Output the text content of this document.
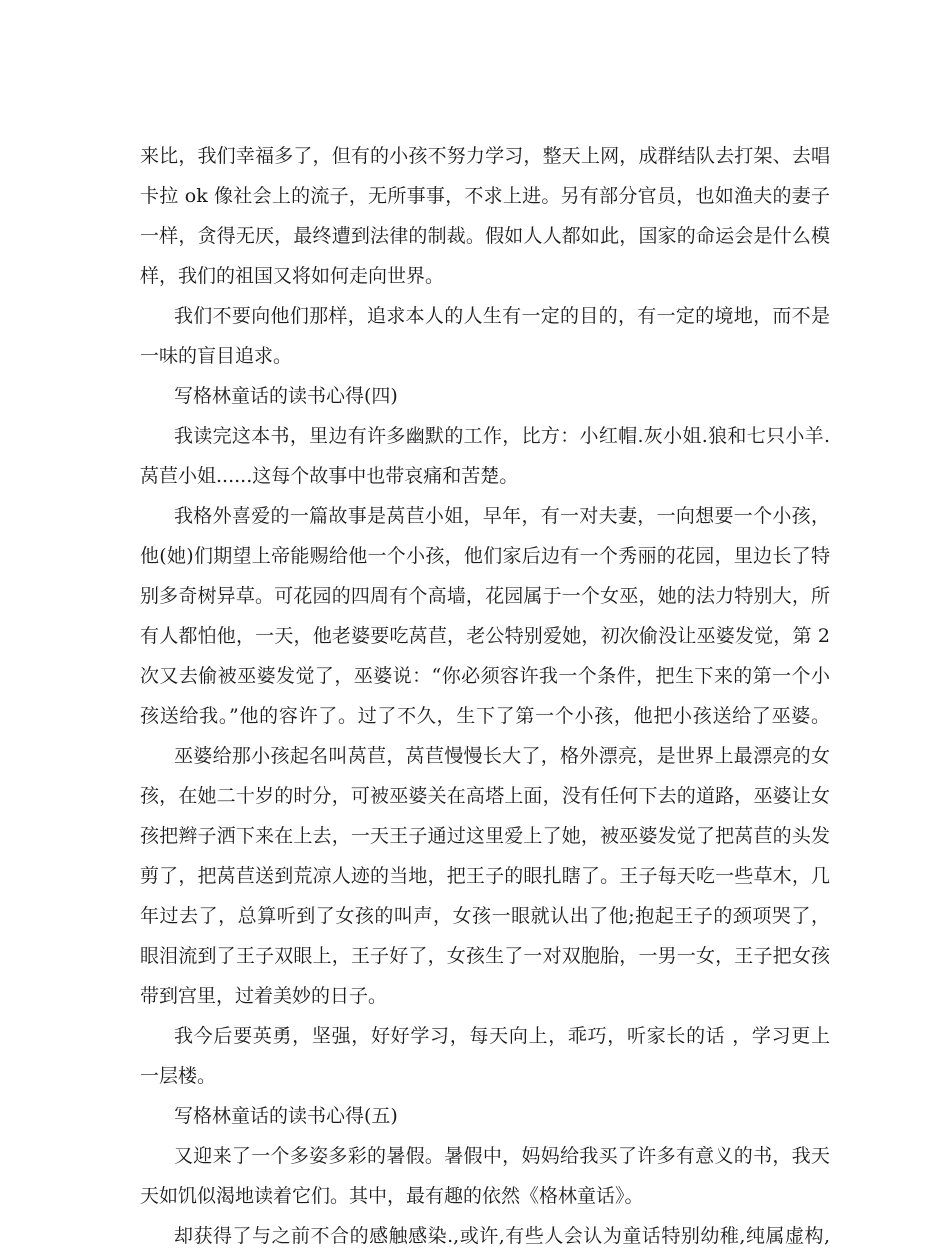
来比，我们幸福多了，但有的小孩不努力学习，整天上网，成群结队去打架、去唱
卡拉 ok 像社会上的流子，无所事事，不求上进。另有部分官员，也如渔夫的妻子
一样，贪得无厌，最终遭到法律的制裁。假如人人都如此，国家的命运会是什么模
样，我们的祖国又将如何走向世界。
我们不要向他们那样，追求本人的人生有一定的目的，有一定的境地，而不是
一味的盲目追求。
写格林童话的读书心得(四)
我读完这本书，里边有许多幽默的工作，比方：小红帽.灰小姐.狼和七只小羊.
莴苣小姐......这每个故事中也带哀痛和苦楚。
我格外喜爱的一篇故事是莴苣小姐，早年，有一对夫妻，一向想要一个小孩，
他(她)们期望上帝能赐给他一个小孩，他们家后边有一个秀丽的花园，里边长了特
别多奇树异草。可花园的四周有个高墙，花园属于一个女巫，她的法力特别大，所
有人都怕他，一天，他老婆要吃莴苣，老公特别爱她，初次偷没让巫婆发觉，第 2
次又去偷被巫婆发觉了，巫婆说：“你必须容许我一个条件，把生下来的第一个小
孩送给我。”他的容许了。过了不久，生下了第一个小孩，他把小孩送给了巫婆。
巫婆给那小孩起名叫莴苣，莴苣慢慢长大了，格外漂亮，是世界上最漂亮的女
孩，在她二十岁的时分，可被巫婆关在高塔上面，没有任何下去的道路，巫婆让女
孩把辫子洒下来在上去，一天王子通过这里爱上了她，被巫婆发觉了把莴苣的头发
剪了，把莴苣送到荒凉人迹的当地，把王子的眼扎瞎了。王子每天吃一些草木，几
年过去了，总算听到了女孩的叫声，女孩一眼就认出了他;抱起王子的颈项哭了，
眼泪流到了王子双眼上，王子好了，女孩生了一对双胞胎，一男一女，王子把女孩
带到宫里，过着美妙的日子。
我今后要英勇，坚强，好好学习，每天向上，乖巧，听家长的话 ，学习更上
一层楼。
写格林童话的读书心得(五)
又迎来了一个多姿多彩的暑假。暑假中，妈妈给我买了许多有意义的书，我天
天如饥似渴地读着它们。其中，最有趣的依然《格林童话》。
却获得了与之前不合的感触感染.,或许,有些人会认为童话特别幼稚,纯属虚构,
